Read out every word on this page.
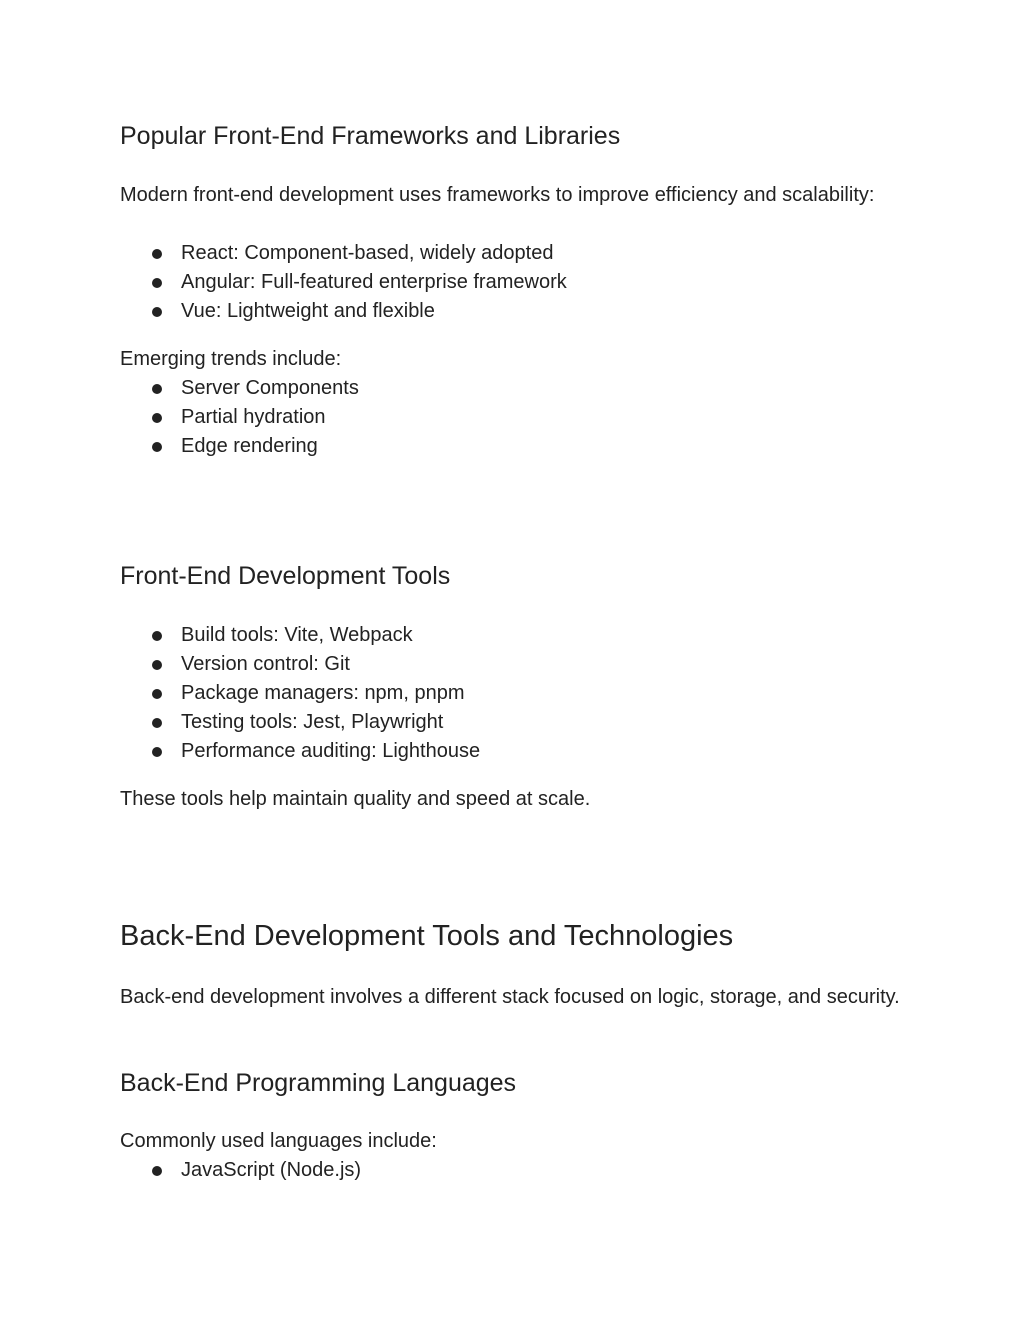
Popular Front-End Frameworks and Libraries

Modern front-end development uses frameworks to improve efficiency and scalability:

React: Component-based, widely adopted
Angular: Full-featured enterprise framework
Vue: Lightweight and flexible

Emerging trends include:

Server Components
Partial hydration
Edge rendering
Front-End Development Tools
Build tools: Vite, Webpack
Version control: Git
Package managers: npm, pnpm
Testing tools: Jest, Playwright
Performance auditing: Lighthouse

These tools help maintain quality and speed at scale.

Back-End Development Tools and Technologies

Back-end development involves a different stack focused on logic, storage, and security.

Back-End Programming Languages

Commonly used languages include:

JavaScript (Node.js)
